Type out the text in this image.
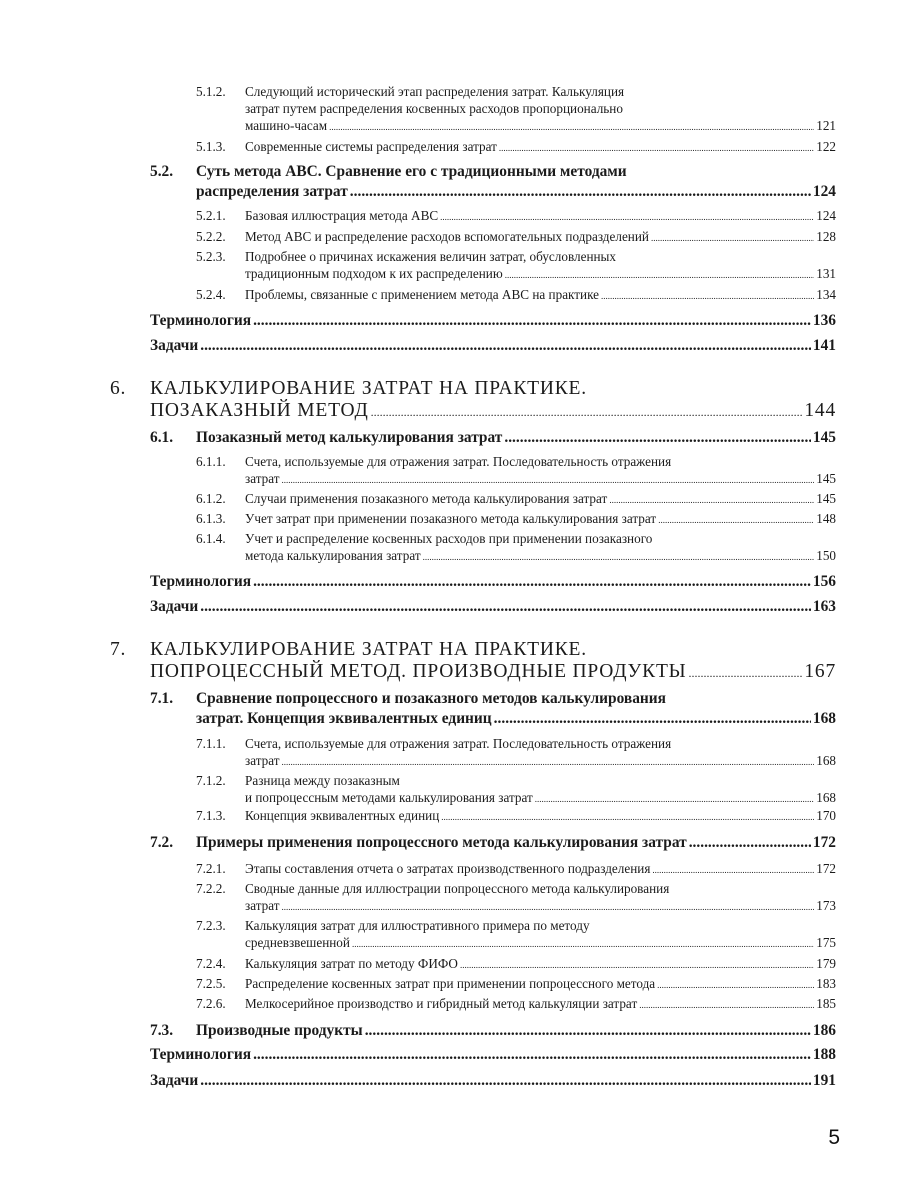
5.1.2. Следующий исторический этап распределения затрат. Калькуляция
затрат путем распределения косвенных расходов пропорционально
машино-часам .....	121
5.1.3. Современные системы распределения затрат .....	122
5.2. Суть метода АВС. Сравнение его с традиционными методами
распределения затрат .....	124
5.2.1. Базовая иллюстрация метода АВС .....	124
5.2.2. Метод АВС и распределение расходов вспомогательных подразделений .....	128
5.2.3. Подробнее о причинах искажения величин затрат, обусловленных
традиционным подходом к их распределению .....	131
5.2.4. Проблемы, связанные с применением метода АВС на практике .....	134
Терминология .....	136
Задачи .....	141
6. КАЛЬКУЛИРОВАНИЕ ЗАТРАТ НА ПРАКТИКЕ.
ПОЗАКАЗНЫЙ МЕТОД .....	144
6.1. Позаказный метод калькулирования затрат .....	145
6.1.1. Счета, используемые для отражения затрат. Последовательность отражения
затрат .....	145
6.1.2. Случаи применения позаказного метода калькулирования затрат .....	145
6.1.3. Учет затрат при применении позаказного метода калькулирования затрат .....	148
6.1.4. Учет и распределение косвенных расходов при применении позаказного
метода калькулирования затрат .....	150
Терминология .....	156
Задачи .....	163
7. КАЛЬКУЛИРОВАНИЕ ЗАТРАТ НА ПРАКТИКЕ.
ПОПРОЦЕССНЫЙ МЕТОД. ПРОИЗВОДНЫЕ ПРОДУКТЫ .....	167
7.1. Сравнение попроцессного и позаказного методов калькулирования
затрат. Концепция эквивалентных единиц .....	168
7.1.1. Счета, используемые для отражения затрат. Последовательность отражения
затрат .....	168
7.1.2. Разница между позаказным
и попроцессным методами калькулирования затрат .....	168
7.1.3. Концепция эквивалентных единиц .....	170
7.2. Примеры применения попроцессного метода калькулирования затрат .....	172
7.2.1. Этапы составления отчета о затратах производственного подразделения .....	172
7.2.2. Сводные данные для иллюстрации попроцессного метода калькулирования
затрат .....	173
7.2.3. Калькуляция затрат для иллюстративного примера по методу
средневзвешенной .....	175
7.2.4. Калькуляция затрат по методу ФИФО .....	179
7.2.5. Распределение косвенных затрат при применении попроцессного метода .....	183
7.2.6. Мелкосерийное производство и гибридный метод калькуляции затрат .....	185
7.3. Производные продукты .....	186
Терминология .....	188
Задачи .....	191
5
